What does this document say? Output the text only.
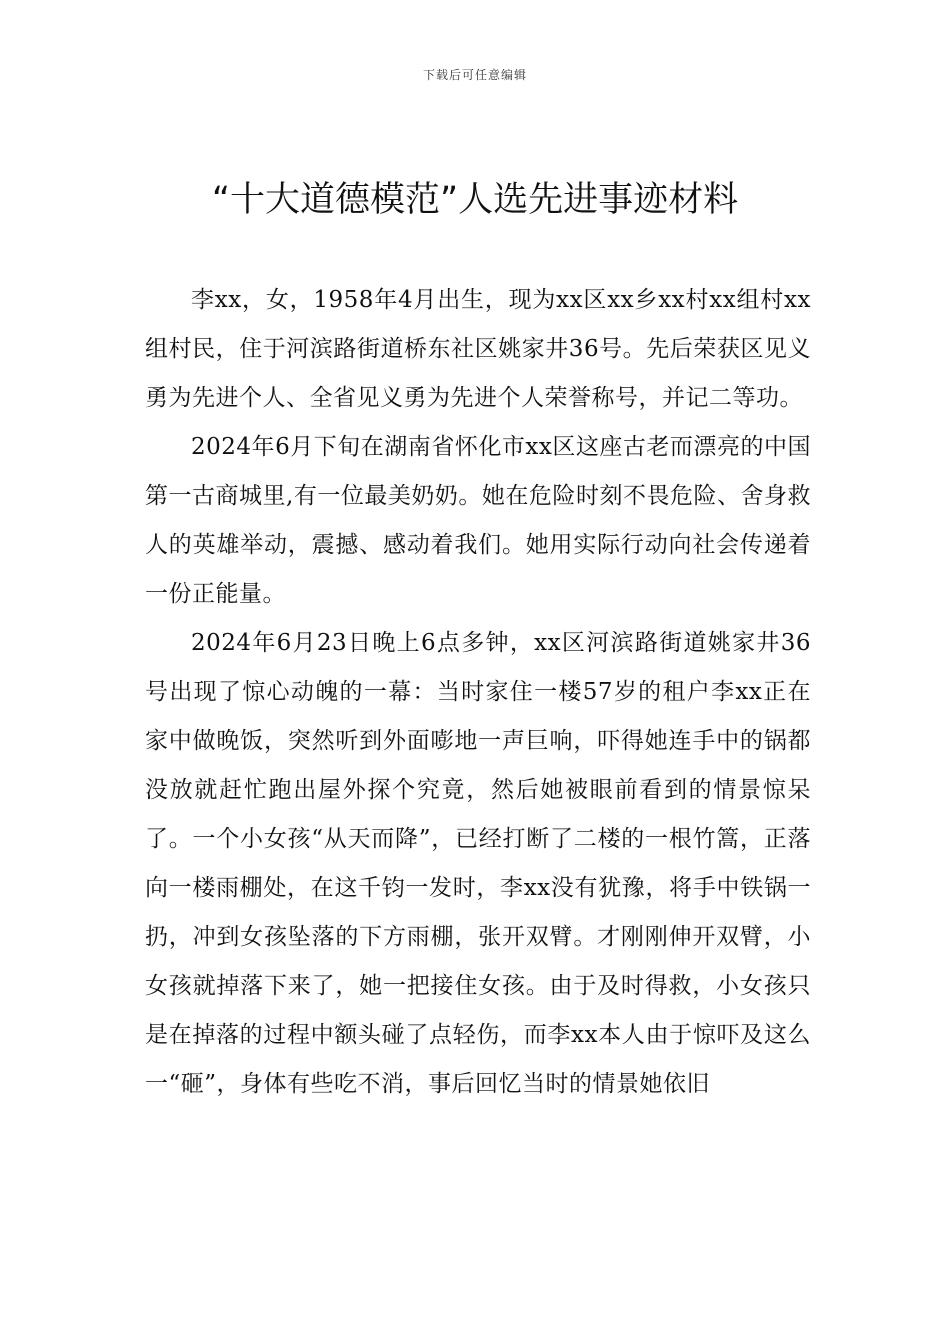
下载后可任意编辑
“十大道德模范”人选先进事迹材料

李xx，女，1958年4月出生，现为xx区xx乡xx村xx组村xx组村民，住于河滨路街道桥东社区姚家井36号。先后荣获区见义勇为先进个人、全省见义勇为先进个人荣誉称号，并记二等功。

2024年6月下旬在湖南省怀化市xx区这座古老而漂亮的中国第一古商城里,有一位最美奶奶。她在危险时刻不畏危险、舍身救人的英雄举动，震撼、感动着我们。她用实际行动向社会传递着一份正能量。

2024年6月23日晚上6点多钟，xx区河滨路街道姚家井36号出现了惊心动魄的一幕：当时家住一楼57岁的租户李xx正在家中做晚饭，突然听到外面嘭地一声巨响，吓得她连手中的锅都没放就赶忙跑出屋外探个究竟，然后她被眼前看到的情景惊呆了。一个小女孩“从天而降”，已经打断了二楼的一根竹篙，正落向一楼雨棚处，在这千钧一发时，李xx没有犹豫，将手中铁锅一扔，冲到女孩坠落的下方雨棚，张开双臂。才刚刚伸开双臂，小女孩就掉落下来了，她一把接住女孩。由于及时得救，小女孩只是在掉落的过程中额头碰了点轻伤，而李xx本人由于惊吓及这么一“砸”，身体有些吃不消，事后回忆当时的情景她依旧
